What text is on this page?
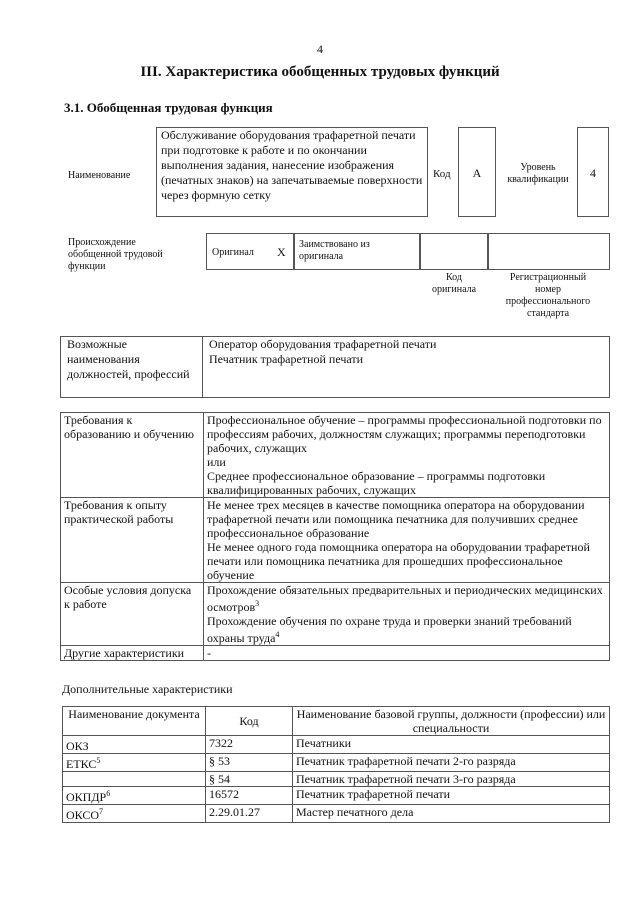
4
III. Характеристика обобщенных трудовых функций
3.1. Обобщенная трудовая функция
Наименование
Обслуживание оборудования трафаретной печати при подготовке к работе и по окончании выполнения задания, нанесение изображения (печатных знаков) на запечатываемые поверхности через формную сетку
Код	А	Уровень квалификации	4
Происхождение обобщенной трудовой функции
Оригинал X
Заимствовано из оригинала
Код оригинала
Регистрационный номер профессионального стандарта
Возможные наименования должностей, профессий
Оператор оборудования трафаретной печати
Печатник трафаретной печати
Требования к образованию и обучению	Профессиональное обучение – программы профессиональной подготовки по профессиям рабочих, должностям служащих; программы переподготовки рабочих, служащих
или
Среднее профессиональное образование – программы подготовки квалифицированных рабочих, служащих

Требования к опыту практической работы	Не менее трех месяцев в качестве помощника оператора на оборудовании трафаретной печати или помощника печатника для получивших среднее профессиональное образование
Не менее одного года помощника оператора на оборудовании трафаретной печати или помощника печатника для прошедших профессиональное обучение

Особые условия допуска к работе	Прохождение обязательных предварительных и периодических медицинских осмотров$^3$
Прохождение обучения по охране труда и проверки знаний требований охраны труда$^4$

Другие характеристики	-
Дополнительные характеристики
Наименование документа	Код	Наименование базовой группы, должности (профессии) или специальности
ОКЗ	7322	Печатники
ЕТКС$^5$	§ 53	Печатник трафаретной печати 2-го разряда
	§ 54	Печатник трафаретной печати 3-го разряда
ОКПДР$^6$	16572	Печатник трафаретной печати
ОКСО$^7$	2.29.01.27	Мастер печатного дела
